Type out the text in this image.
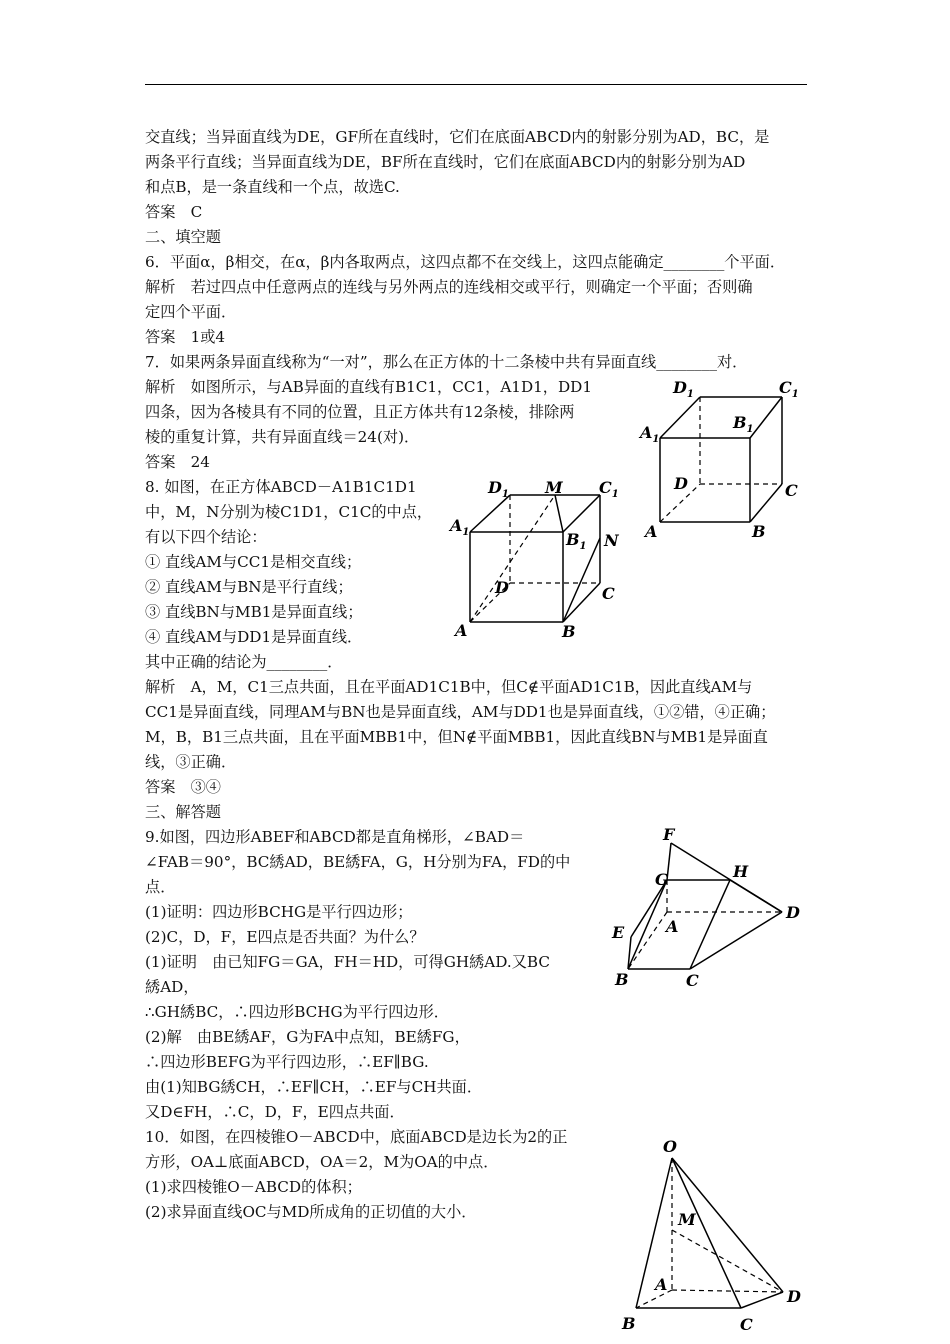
交直线；当异面直线为DE，GF所在直线时，它们在底面ABCD内的射影分别为AD，BC，是
两条平行直线；当异面直线为DE，BF所在直线时，它们在底面ABCD内的射影分别为AD
和点B，是一条直线和一个点，故选C.
答案　C
二、填空题
6．平面α，β相交，在α，β内各取两点，这四点都不在交线上，这四点能确定________个平面．
解析　若过四点中任意两点的连线与另外两点的连线相交或平行，则确定一个平面；否则确
定四个平面．
答案　1或4
7．如果两条异面直线称为“一对”，那么在正方体的十二条棱中共有异面直线________对．
解析　如图所示，与AB异面的直线有B1C1，CC1，A1D1，DD1
四条，因为各棱具有不同的位置，且正方体共有12条棱，排除两
棱的重复计算，共有异面直线＝24(对)．
答案　24
8. 如图，在正方体ABCD－A1B1C1D1
中，M，N分别为棱C1D1，C1C的中点，
有以下四个结论：
① 直线AM与CC1是相交直线；
② 直线AM与BN是平行直线；
③ 直线BN与MB1是异面直线；
④ 直线AM与DD1是异面直线．
其中正确的结论为________．
解析　A，M，C1三点共面，且在平面AD1C1B中，但C∉平面AD1C1B，因此直线AM与
CC1是异面直线，同理AM与BN也是异面直线，AM与DD1也是异面直线，①②错，④正确；
M，B，B1三点共面，且在平面MBB1中，但N∉平面MBB1，因此直线BN与MB1是异面直
线，③正确．
答案　③④
三、解答题
9.如图，四边形ABEF和ABCD都是直角梯形，∠BAD＝
∠FAB＝90°，BC綉AD，BE綉FA，G，H分别为FA，FD的中
点．
(1)证明：四边形BCHG是平行四边形；
(2)C，D，F，E四点是否共面？为什么？
(1)证明　由已知FG＝GA，FH＝HD，可得GH綉AD.又BC
綉AD，
∴GH綉BC，∴四边形BCHG为平行四边形．
(2)解　由BE綉AF，G为FA中点知，BE綉FG，
∴四边形BEFG为平行四边形，∴EF∥BG.
由(1)知BG綉CH，∴EF∥CH，∴EF与CH共面．
又D∈FH，∴C，D，F，E四点共面．
10．如图，在四棱锥O－ABCD中，底面ABCD是边长为2的正
方形，OA⊥底面ABCD，OA＝2，M为OA的中点．
(1)求四棱锥O－ABCD的体积；
(2)求异面直线OC与MD所成角的正切值的大小．
$D_1$	$C_1$
$A_1$
$B_1$
D	C
A	B
$D_1$ M $C_1$
$A_1$	$B_1$ N
D	C
A	B
F
G	H
D
E	A
B	C
O
M
A
D
B	C
